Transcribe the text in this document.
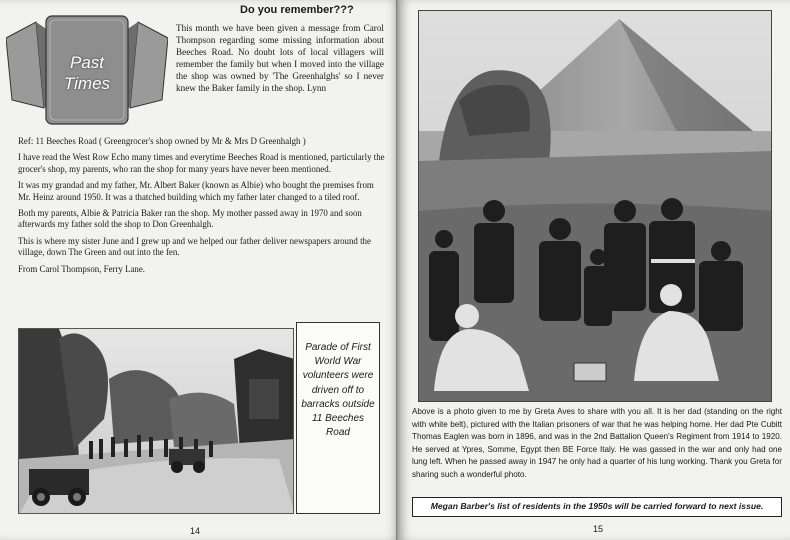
Past
Times
Do you remember???
This month we have been given a message from Carol Thompson regarding some missing information about Beeches Road. No doubt lots of local villagers will remember the family but when I moved into the village the shop was owned by 'The Greenhalghs' so I never knew the Baker family in the shop. Lynn

Ref: 11 Beeches Road ( Greengrocer's shop owned by Mr & Mrs D Greenhalgh )

I have read the West Row Echo many times and everytime Beeches Road is mentioned, particularly the grocer's shop, my parents, who ran the shop for many years have never been mentioned.

It was my grandad and my father, Mr. Albert Baker (known as Albie) who bought the premises from Mr. Heinz around 1950. It was a thatched building which my father later changed to a tiled roof.

Both my parents, Albie & Patricia Baker ran the shop. My mother passed away in 1970 and soon afterwards my father sold the shop to Don Greenhalgh.

This is where my sister June and I grew up and we helped our father deliver newspapers around the village, down The Green and out into the fen.

From Carol Thompson, Ferry Lane.

Parade of First World War volunteers were driven off to barracks outside 11 Beeches Road
14
Above is a photo given to me by Greta Aves to share with you all. It is her dad (standing on the right with white belt), pictured with the Italian prisoners of war that he was helping home. Her dad Pte Cubitt Thomas Eaglen was born in 1896, and was in the 2nd Battalion Queen's Regiment from 1914 to 1920. He served at Ypres, Somme, Egypt then BE Force Italy. He was gassed in the war and only had one lung left. When he passed away in 1947 he only had a quarter of his lung working. Thank you Greta for sharing such a wonderful photo.
Megan Barber's list of residents in the 1950s will be carried forward to next issue.
15
